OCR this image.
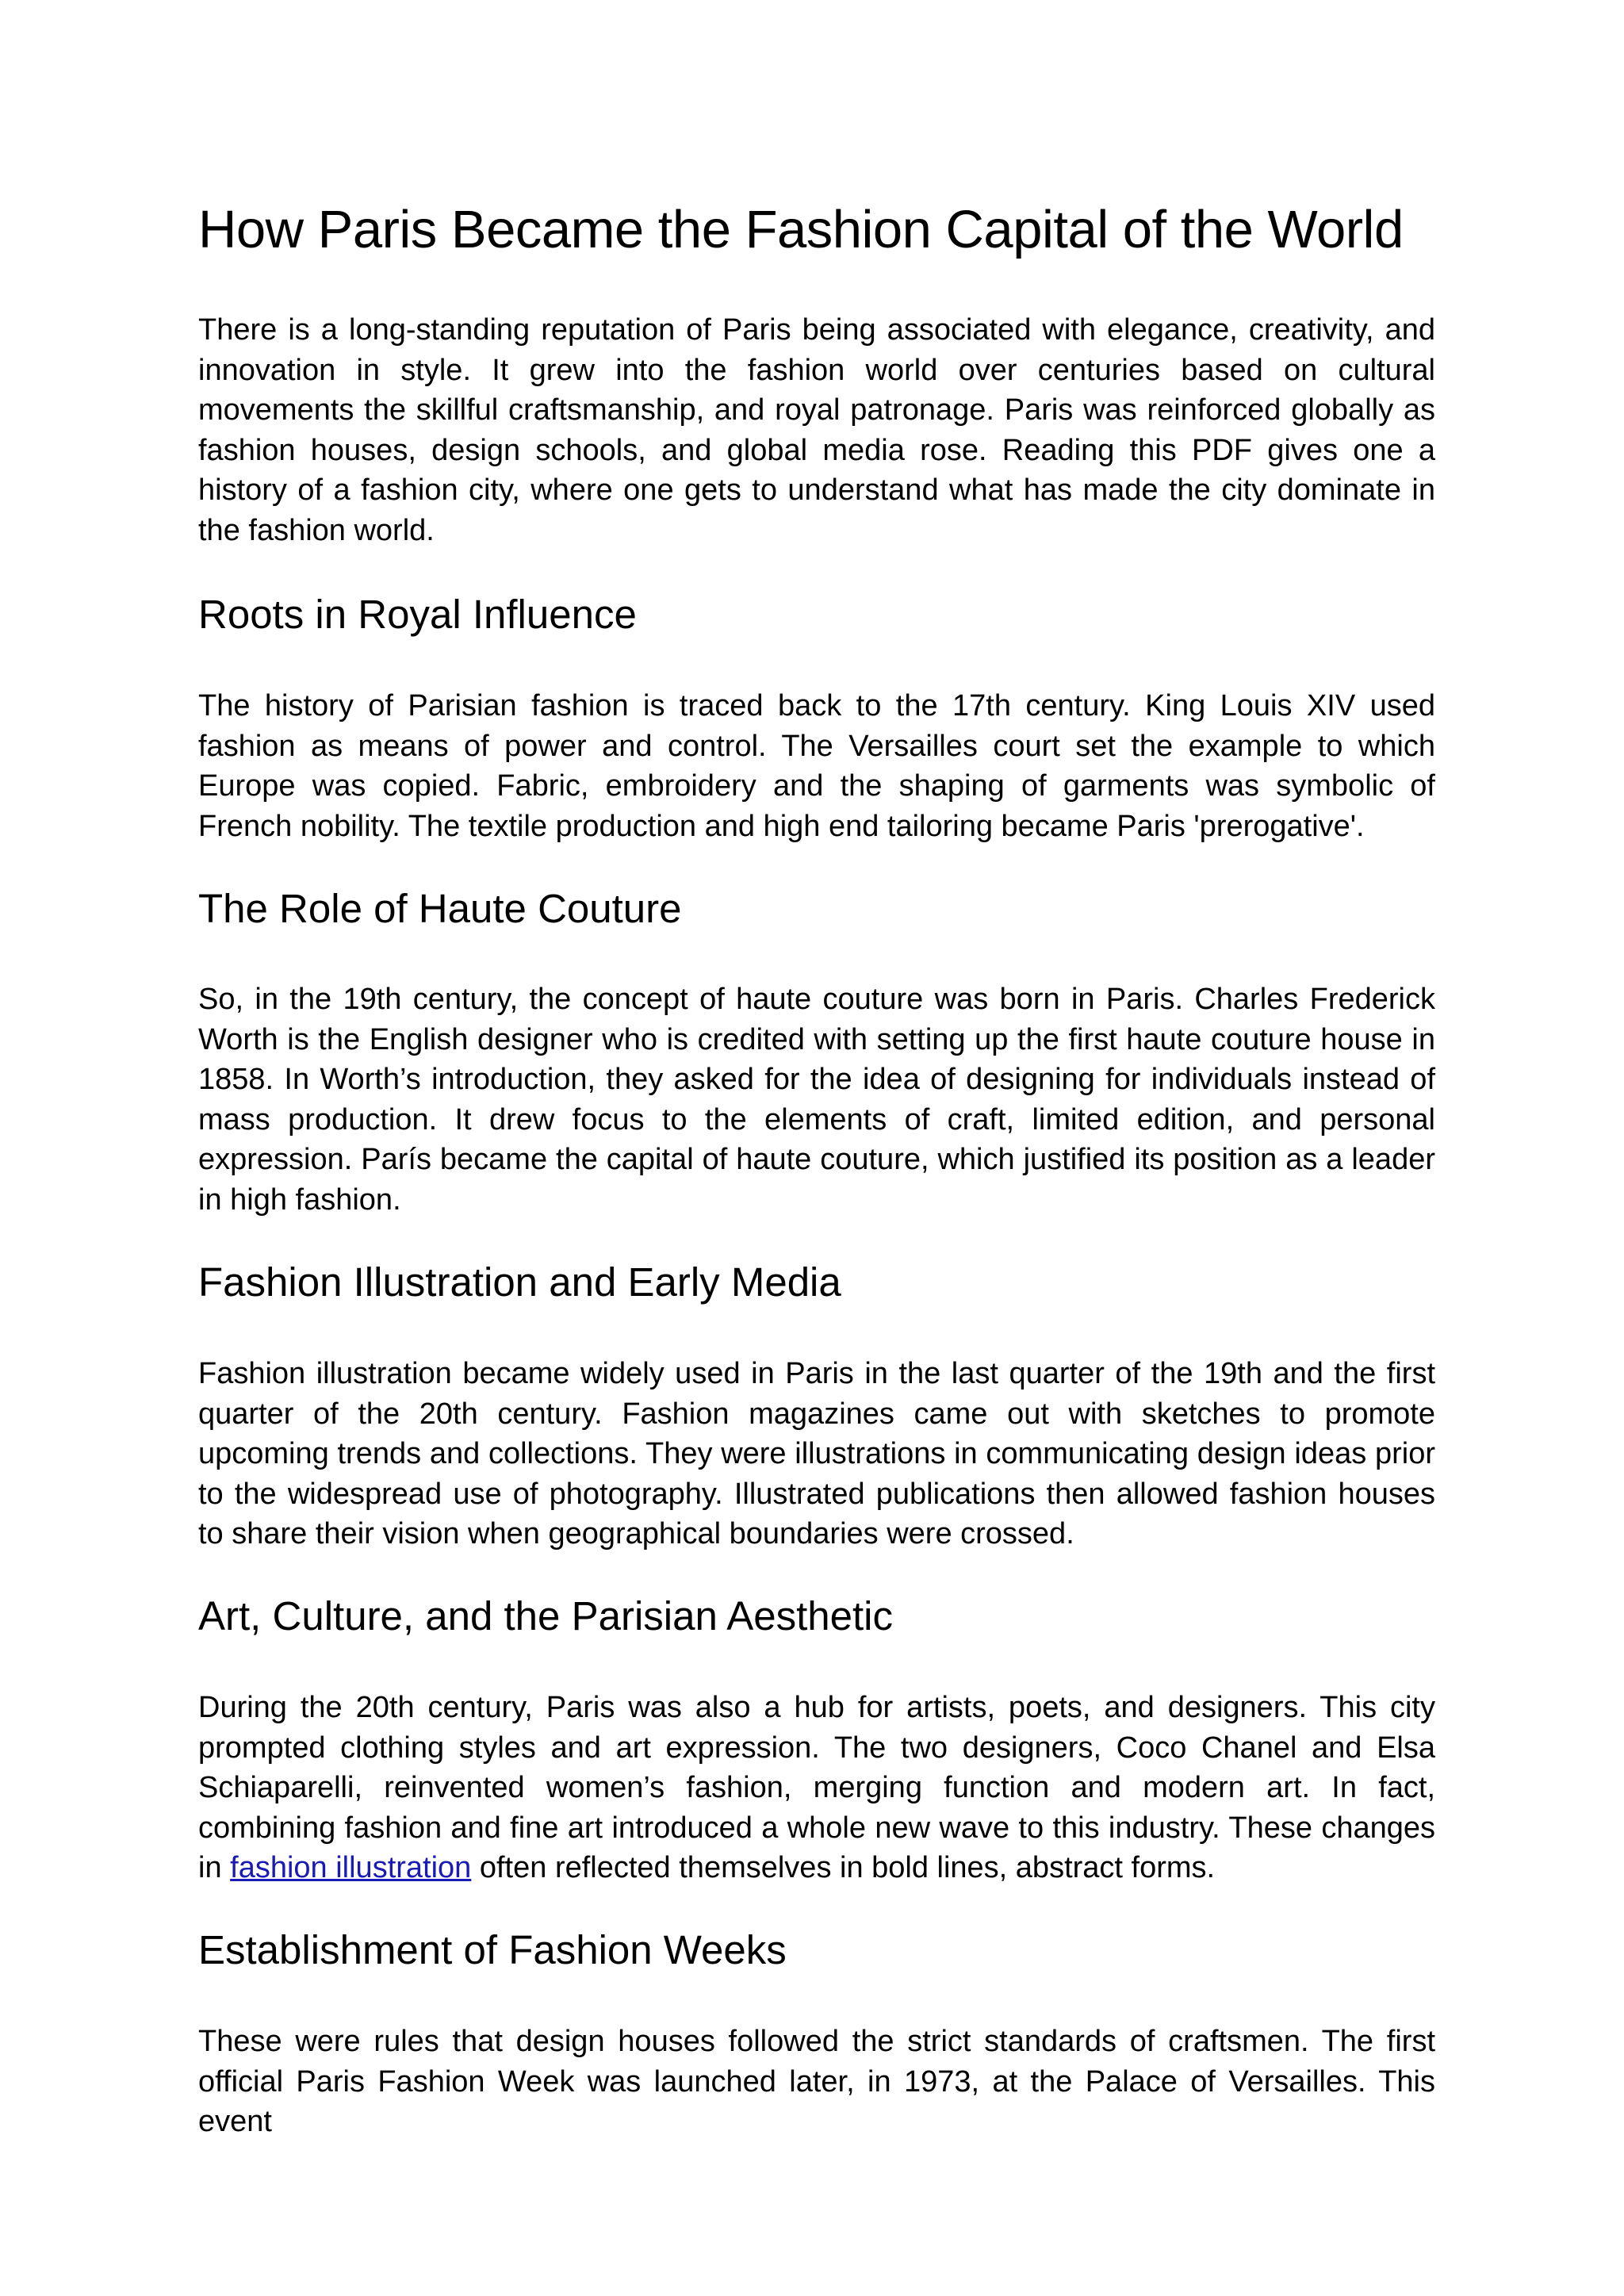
How Paris Became the Fashion Capital of the World

There is a long-standing reputation of Paris being associated with elegance, creativity, and innovation in style. It grew into the fashion world over centuries based on cultural movements the skillful craftsmanship, and royal patronage. Paris was reinforced globally as fashion houses, design schools, and global media rose. Reading this PDF gives one a history of a fashion city, where one gets to understand what has made the city dominate in the fashion world.

Roots in Royal Influence

The history of Parisian fashion is traced back to the 17th century. King Louis XIV used fashion as means of power and control. The Versailles court set the example to which Europe was copied. Fabric, embroidery and the shaping of garments was symbolic of French nobility. The textile production and high end tailoring became Paris 'prerogative'.

The Role of Haute Couture

So, in the 19th century, the concept of haute couture was born in Paris. Charles Frederick Worth is the English designer who is credited with setting up the first haute couture house in 1858. In Worth’s introduction, they asked for the idea of designing for individuals instead of mass production. It drew focus to the elements of craft, limited edition, and personal expression. París became the capital of haute couture, which justified its position as a leader in high fashion.

Fashion Illustration and Early Media

Fashion illustration became widely used in Paris in the last quarter of the 19th and the first quarter of the 20th century. Fashion magazines came out with sketches to promote upcoming trends and collections. They were illustrations in communicating design ideas prior to the widespread use of photography. Illustrated publications then allowed fashion houses to share their vision when geographical boundaries were crossed.

Art, Culture, and the Parisian Aesthetic

During the 20th century, Paris was also a hub for artists, poets, and designers. This city prompted clothing styles and art expression. The two designers, Coco Chanel and Elsa Schiaparelli, reinvented women’s fashion, merging function and modern art. In fact, combining fashion and fine art introduced a whole new wave to this industry. These changes in fashion illustration often reflected themselves in bold lines, abstract forms.

Establishment of Fashion Weeks

These were rules that design houses followed the strict standards of craftsmen. The first official Paris Fashion Week was launched later, in 1973, at the Palace of Versailles. This event
